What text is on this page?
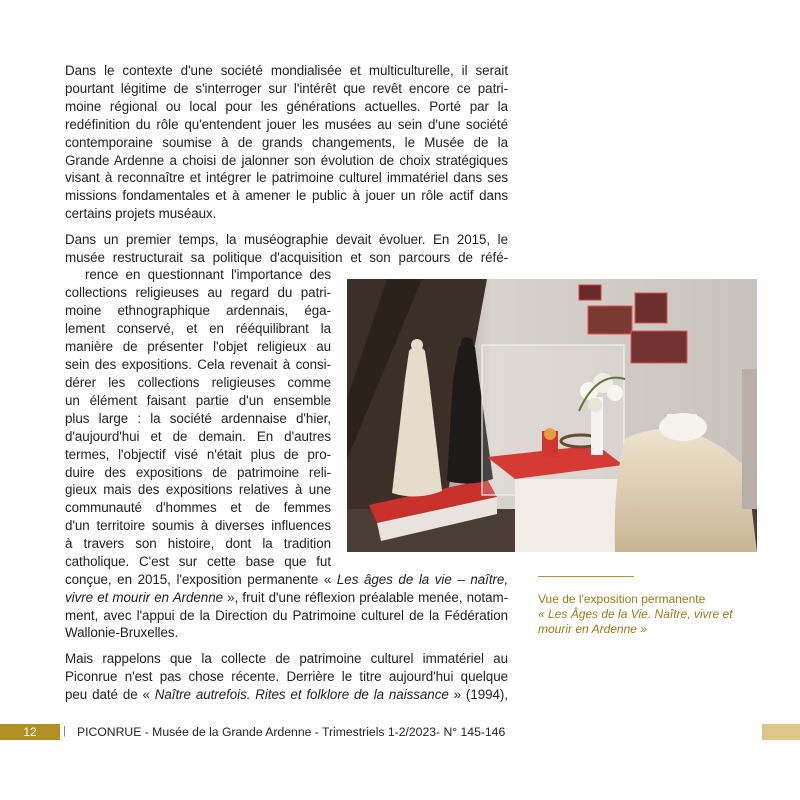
Dans le contexte d'une société mondialisée et multiculturelle, il serait
pourtant légitime de s'interroger sur l'intérêt que revêt encore ce patri-
moine régional ou local pour les générations actuelles. Porté par la
redéfinition du rôle qu'entendent jouer les musées au sein d'une société
contemporaine soumise à de grands changements, le Musée de la
Grande Ardenne a choisi de jalonner son évolution de choix stratégiques
visant à reconnaître et intégrer le patrimoine culturel immatériel dans ses
missions fondamentales et à amener le public à jouer un rôle actif dans
certains projets muséaux.
Dans un premier temps, la muséographie devait évoluer. En 2015, le
musée restructurait sa politique d'acquisition et son parcours de réfé-
rence en questionnant l'importance des
collections religieuses au regard du patri-
moine ethnographique ardennais, éga-
lement conservé, et en rééquilibrant la
manière de présenter l'objet religieux au
sein des expositions. Cela revenait à consi-
dérer les collections religieuses comme
un élément faisant partie d'un ensemble
plus large : la société ardennaise d'hier,
d'aujourd'hui et de demain. En d'autres
termes, l'objectif visé n'était plus de pro-
duire des expositions de patrimoine reli-
gieux mais des expositions relatives à une
communauté d'hommes et de femmes
d'un territoire soumis à diverses influences
à travers son histoire, dont la tradition
catholique. C'est sur cette base que fut
conçue, en 2015, l'exposition permanente « Les âges de la vie – naître,
vivre et mourir en Ardenne », fruit d'une réflexion préalable menée, notam-
ment, avec l'appui de la Direction du Patrimoine culturel de la Fédération
Wallonie-Bruxelles.
Mais rappelons que la collecte de patrimoine culturel immatériel au
Piconrue n'est pas chose récente. Derrière le titre aujourd'hui quelque
peu daté de « Naître autrefois. Rites et folklore de la naissance » (1994),
Vue de l'exposition permanente
« Les Âges de la Vie. Naître, vivre et
mourir en Ardenne »
12	| PICONRUE - Musée de la Grande Ardenne - Trimestriels 1-2/2023- N° 145-146
